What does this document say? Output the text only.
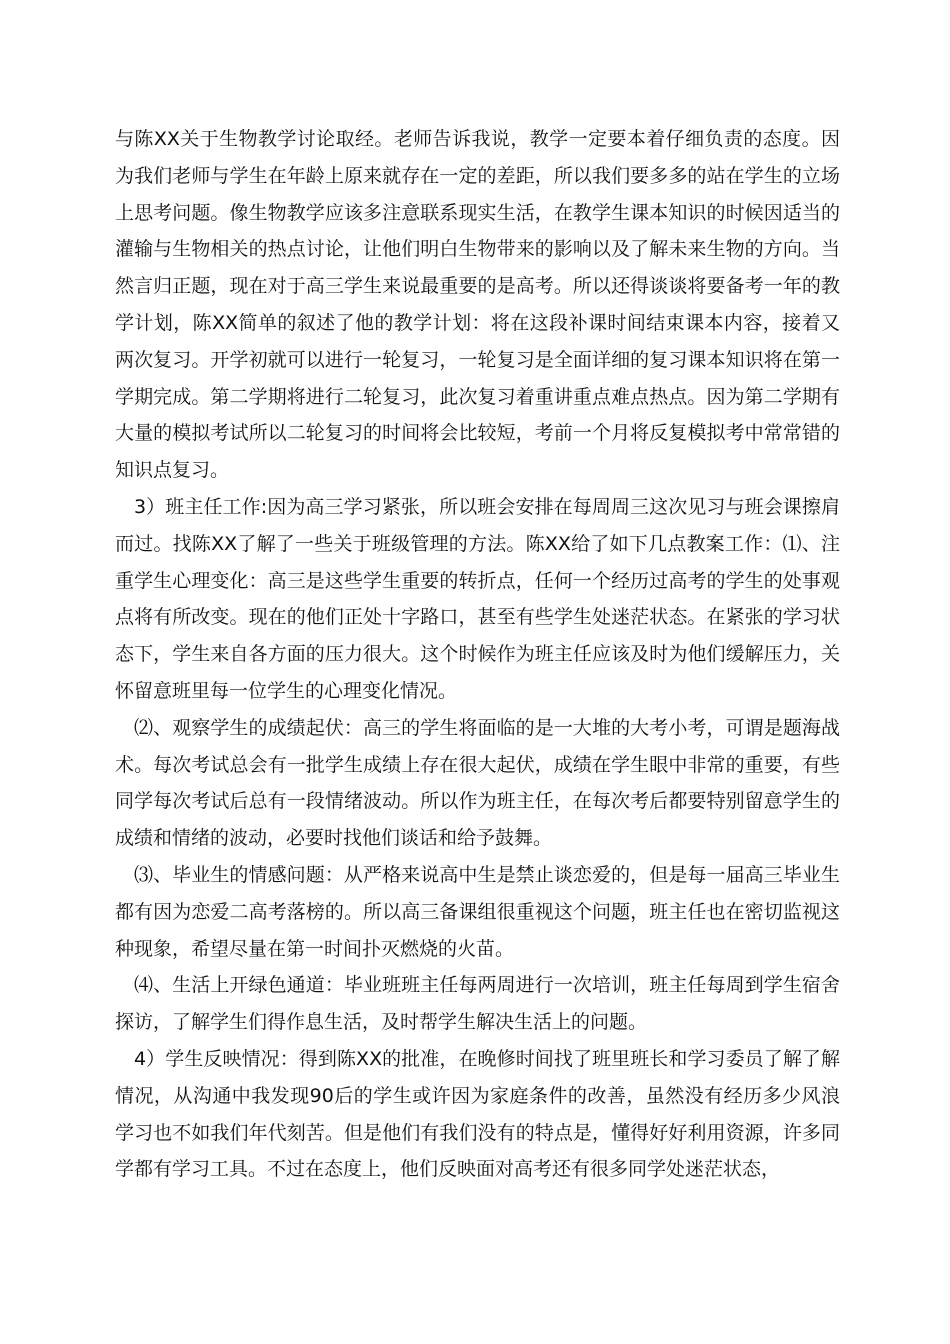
与陈XX关于生物教学讨论取经。老师告诉我说，教学一定要本着仔细负责的态度。因为我们老师与学生在年龄上原来就存在一定的差距，所以我们要多多的站在学生的立场上思考问题。像生物教学应该多注意联系现实生活，在教学生课本知识的时候因适当的灌输与生物相关的热点讨论，让他们明白生物带来的影响以及了解未来生物的方向。当然言归正题，现在对于高三学生来说最重要的是高考。所以还得谈谈将要备考一年的教学计划，陈XX简单的叙述了他的教学计划：将在这段补课时间结束课本内容，接着又两次复习。开学初就可以进行一轮复习，一轮复习是全面详细的复习课本知识将在第一学期完成。第二学期将进行二轮复习，此次复习着重讲重点难点热点。因为第二学期有大量的模拟考试所以二轮复习的时间将会比较短，考前一个月将反复模拟考中常常错的知识点复习。

3）班主任工作:因为高三学习紧张，所以班会安排在每周周三这次见习与班会课擦肩而过。找陈XX了解了一些关于班级管理的方法。陈XX给了如下几点教案工作：⑴、注重学生心理变化：高三是这些学生重要的转折点，任何一个经历过高考的学生的处事观点将有所改变。现在的他们正处十字路口，甚至有些学生处迷茫状态。在紧张的学习状态下，学生来自各方面的压力很大。这个时候作为班主任应该及时为他们缓解压力，关怀留意班里每一位学生的心理变化情况。

⑵、观察学生的成绩起伏：高三的学生将面临的是一大堆的大考小考，可谓是题海战术。每次考试总会有一批学生成绩上存在很大起伏，成绩在学生眼中非常的重要，有些同学每次考试后总有一段情绪波动。所以作为班主任，在每次考后都要特别留意学生的成绩和情绪的波动，必要时找他们谈话和给予鼓舞。

⑶、毕业生的情感问题：从严格来说高中生是禁止谈恋爱的，但是每一届高三毕业生都有因为恋爱二高考落榜的。所以高三备课组很重视这个问题，班主任也在密切监视这种现象，希望尽量在第一时间扑灭燃烧的火苗。

⑷、生活上开绿色通道：毕业班班主任每两周进行一次培训，班主任每周到学生宿舍探访，了解学生们得作息生活，及时帮学生解决生活上的问题。

4）学生反映情况：得到陈XX的批准，在晚修时间找了班里班长和学习委员了解了解情况，从沟通中我发现90后的学生或许因为家庭条件的改善，虽然没有经历多少风浪学习也不如我们年代刻苦。但是他们有我们没有的特点是，懂得好好利用资源，许多同学都有学习工具。不过在态度上，他们反映面对高考还有很多同学处迷茫状态，
